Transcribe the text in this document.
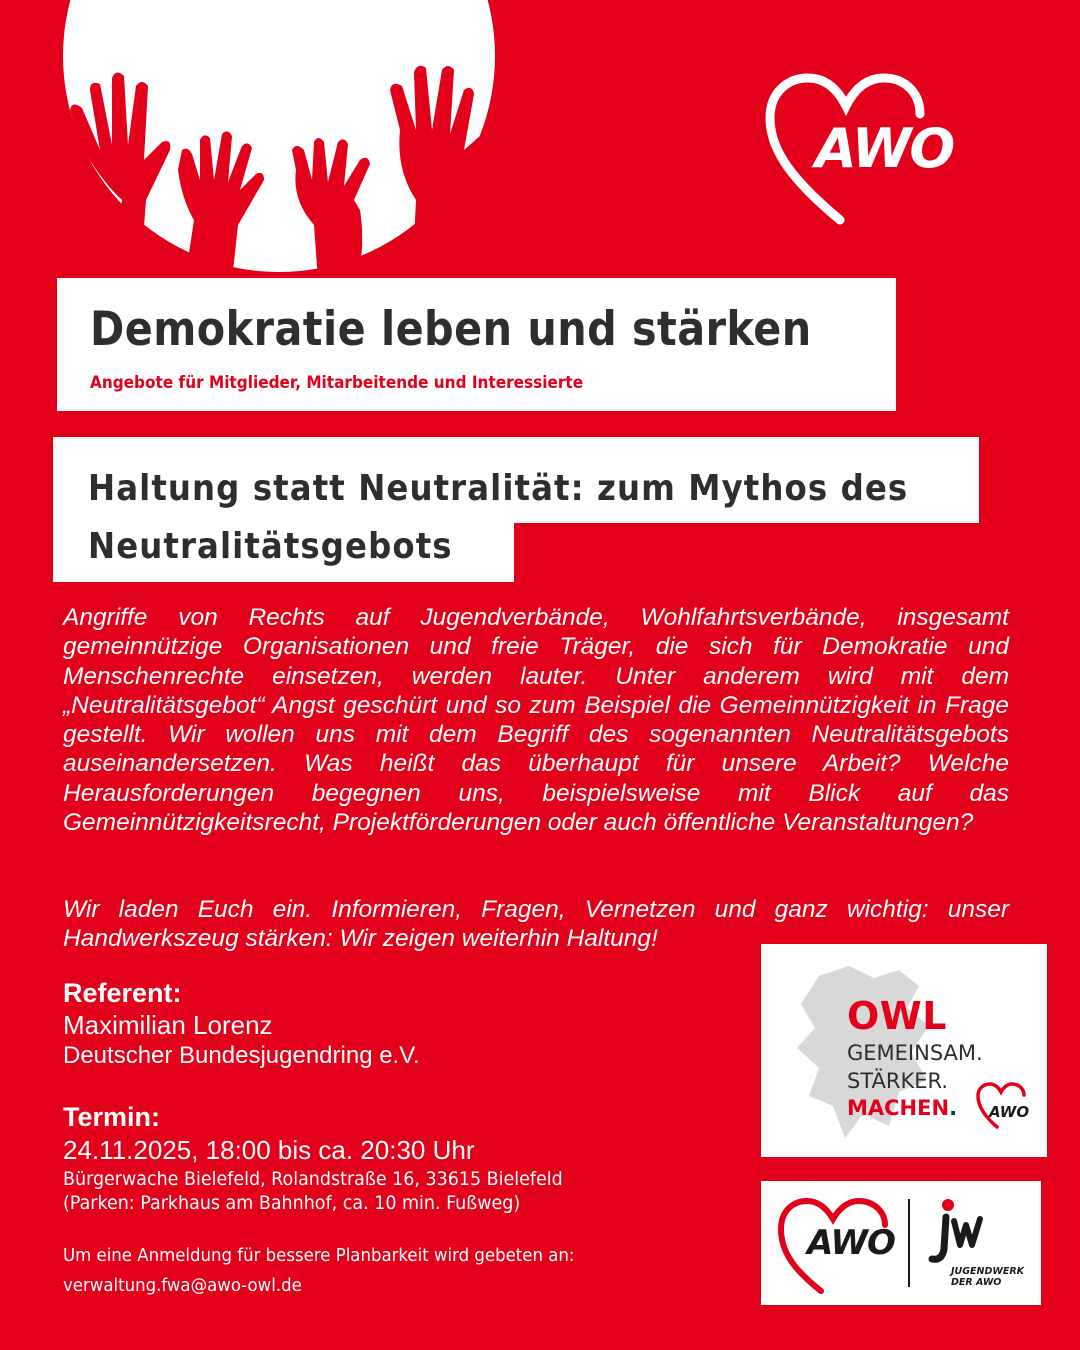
AWO
Demokratie leben und stärken
Angebote für Mitglieder, Mitarbeitende und Interessierte
Haltung statt Neutralität: zum Mythos des
Neutralitätsgebots

Angriffe von Rechts auf Jugendverbände, Wohlfahrtsverbände, insgesamt gemeinnützige Organisationen und freie Träger, die sich für Demokratie und Menschenrechte einsetzen, werden lauter. Unter anderem wird mit dem „Neutralitätsgebot“ Angst geschürt und so zum Beispiel die Gemeinnützigkeit in Frage gestellt. Wir wollen uns mit dem Begriff des sogenannten Neutralitätsgebots auseinandersetzen. Was heißt das überhaupt für unsere Arbeit? Welche Herausforderungen begegnen uns, beispielsweise mit Blick auf das Gemeinnützigkeitsrecht, Projektförderungen oder auch öffentliche Veranstaltungen?

Wir laden Euch ein. Informieren, Fragen, Vernetzen und ganz wichtig: unser Handwerkszeug stärken: Wir zeigen weiterhin Haltung!

Referent:
Maximilian Lorenz
Deutscher Bundesjugendring e.V.
Termin:
24.11.2025, 18:00 bis ca. 20:30 Uhr
Bürgerwache Bielefeld, Rolandstraße 16, 33615 Bielefeld
(Parken: Parkhaus am Bahnhof, ca. 10 min. Fußweg)
Um eine Anmeldung für bessere Planbarkeit wird gebeten an:
verwaltung.fwa@awo-owl.de
OWL
GEMEINSAM.
STÄRKER.
MACHEN. AWO
AWO
JUGENDWERK
DER AWO
